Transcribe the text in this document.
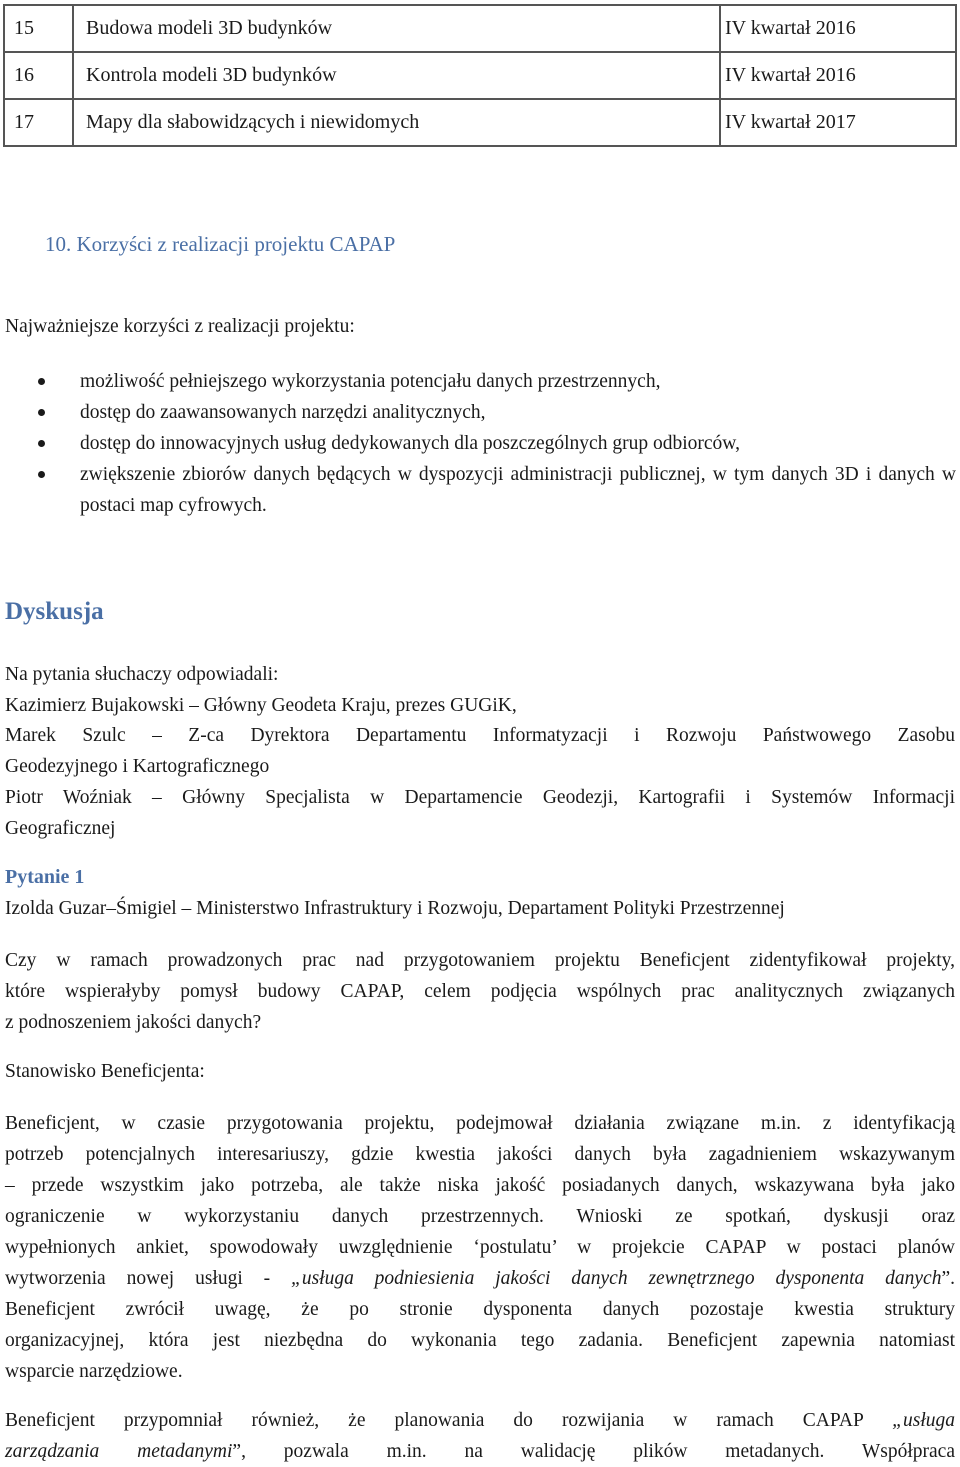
15	Budowa modeli 3D budynków	IV kwartał 2016
16	Kontrola modeli 3D budynków	IV kwartał 2016
17	Mapy dla słabowidzących i niewidomych	IV kwartał 2017
10. Korzyści z realizacji projektu CAPAP
Najważniejsze korzyści z realizacji projektu:
możliwość pełniejszego wykorzystania potencjału danych przestrzennych,
dostęp do zaawansowanych narzędzi analitycznych,
dostęp do innowacyjnych usług dedykowanych dla poszczególnych grup odbiorców,
zwiększenie zbiorów danych będących w dyspozycji administracji publicznej, w tym danych 3D i danych w postaci map cyfrowych.
Dyskusja
Na pytania słuchaczy odpowiadali:
Kazimierz Bujakowski – Główny Geodeta Kraju, prezes GUGiK,
Marek Szulc – Z-ca Dyrektora Departamentu Informatyzacji i Rozwoju Państwowego Zasobu
Geodezyjnego i Kartograficznego
Piotr Woźniak – Główny Specjalista w Departamencie Geodezji, Kartografii i Systemów Informacji
Geograficznej
Pytanie 1
Izolda Guzar–Śmigiel – Ministerstwo Infrastruktury i Rozwoju, Departament Polityki Przestrzennej
Czy w ramach prowadzonych prac nad przygotowaniem projektu Beneficjent zidentyfikował projekty,
które wspierałyby pomysł budowy CAPAP, celem podjęcia wspólnych prac analitycznych związanych
z podnoszeniem jakości danych?
Stanowisko Beneficjenta:
Beneficjent, w czasie przygotowania projektu, podejmował działania związane m.in. z identyfikacją
potrzeb potencjalnych interesariuszy, gdzie kwestia jakości danych była zagadnieniem wskazywanym
– przede wszystkim jako potrzeba, ale także niska jakość posiadanych danych, wskazywana była jako
ograniczenie w wykorzystaniu danych przestrzennych. Wnioski ze spotkań, dyskusji oraz
wypełnionych ankiet, spowodowały uwzględnienie ‘postulatu’ w projekcie CAPAP w postaci planów
wytworzenia nowej usługi - „usługa podniesienia jakości danych zewnętrznego dysponenta danych”.
Beneficjent zwrócił uwagę, że po stronie dysponenta danych pozostaje kwestia struktury
organizacyjnej, która jest niezbędna do wykonania tego zadania. Beneficjent zapewnia natomiast
wsparcie narzędziowe.
Beneficjent przypomniał również, że planowania do rozwijania w ramach CAPAP „usługa
zarządzania metadanymi”, pozwala m.in. na walidację plików metadanych. Współpraca
